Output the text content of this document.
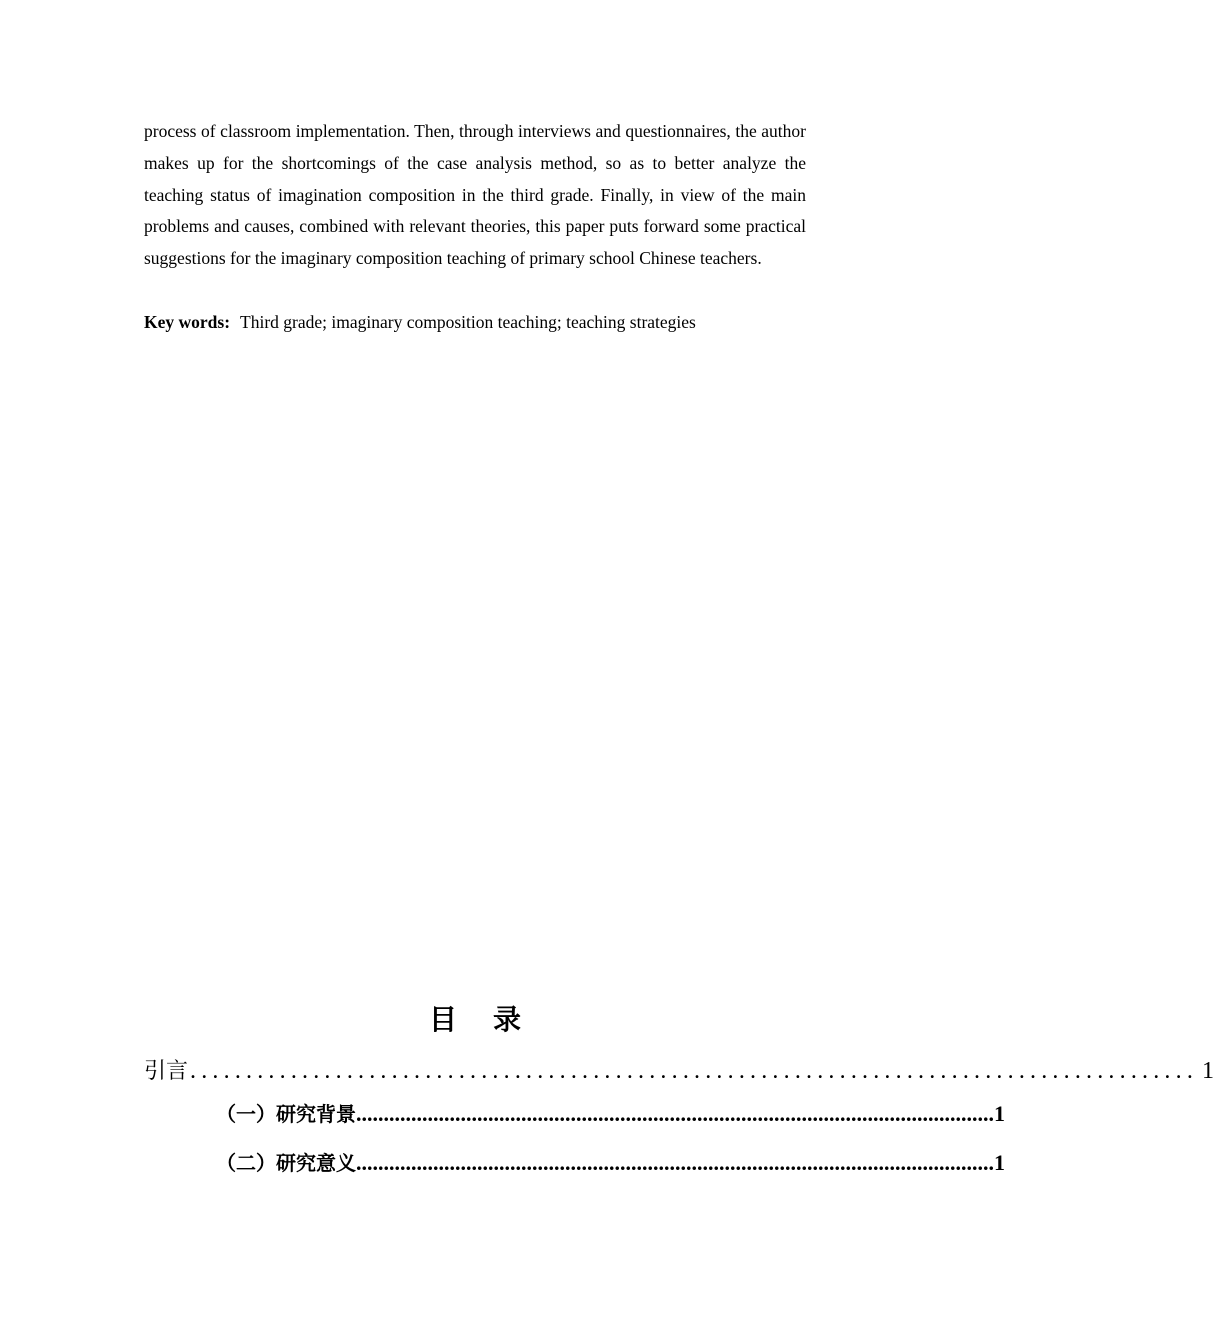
process of classroom implementation. Then, through interviews and questionnaires, the author makes up for the shortcomings of the case analysis method, so as to better analyze the teaching status of imagination composition in the third grade. Finally, in view of the main problems and causes, combined with relevant theories, this paper puts forward some practical suggestions for the imaginary composition teaching of primary school Chinese teachers.

Key words: Third grade; imaginary composition teaching; teaching strategies
目录
引言 .......................................................................................... 1
（一）研究背景 .................................................................................................................... 1
（二）研究意义 .................................................................................................................... 1
